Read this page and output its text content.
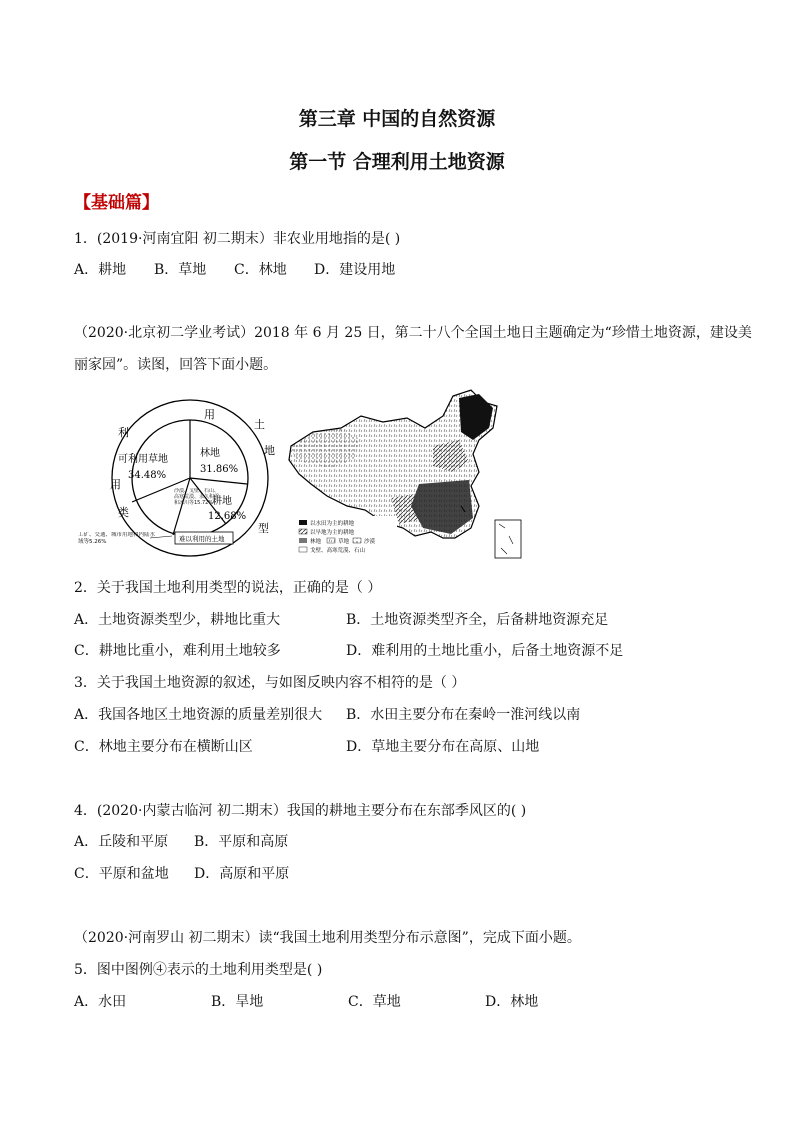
第三章 中国的自然资源
第一节 合理利用土地资源
【基础篇】
1．(2019·河南宜阳 初二期末）非农业用地指的是( )
A．耕地	B．草地	C．林地	D．建设用地
（2020·北京初二学业考试）2018 年 6 月 25 日，第二十八个全国土地日主题确定为“珍惜土地资源，建设美
丽家园”。读图，回答下面小题。
用
土
地
利
用
类
型
可利用草地
34.48%
林地
31.86%
耕地
12.68%
沙漠、戈壁、石山、高寒荒漠、永久积雪和冰川等15.72%
难以利用的土地
工矿、交通、城市用地和内陆水域等5.26%
以水田为主的耕地
以旱地为主的耕地
林地	草地	沙漠
戈壁、高寒荒漠、石山
2．关于我国土地利用类型的说法，正确的是（ ）
A．土地资源类型少，耕地比重大	B．土地资源类型齐全，后备耕地资源充足
C．耕地比重小，难利用土地较多	D．难利用的土地比重小，后备土地资源不足
3．关于我国土地资源的叙述，与如图反映内容不相符的是（ ）
A．我国各地区土地资源的质量差别很大 B．水田主要分布在秦岭一淮河线以南
C．林地主要分布在横断山区	D．草地主要分布在高原、山地
4．(2020·内蒙古临河 初二期末）我国的耕地主要分布在东部季风区的( )
A．丘陵和平原	B．平原和高原
C．平原和盆地	D．高原和平原
（2020·河南罗山 初二期末）读“我国土地利用类型分布示意图”，完成下面小题。
5．图中图例④表示的土地利用类型是( )
A．水田	B．旱地	C．草地	D．林地
